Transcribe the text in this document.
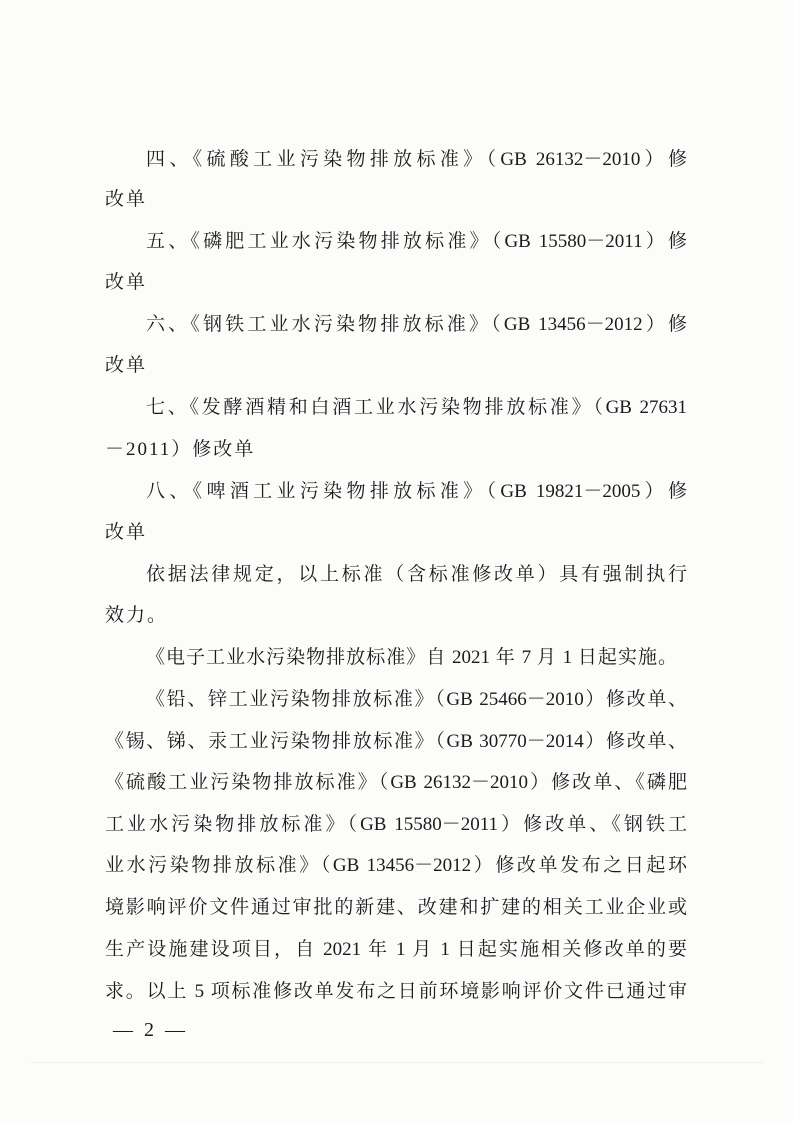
四、《硫酸工业污染物排放标准》（GB 26132－2010）修
改单
五、《磷肥工业水污染物排放标准》（GB 15580－2011）修
改单
六、《钢铁工业水污染物排放标准》（GB 13456－2012）修
改单
七、《发酵酒精和白酒工业水污染物排放标准》（GB 27631
－2011）修改单
八、《啤酒工业污染物排放标准》（GB 19821－2005）修
改单
依据法律规定，以上标准（含标准修改单）具有强制执行
效力。
《电子工业水污染物排放标准》自 2021 年 7 月 1 日起实施。
《铅、锌工业污染物排放标准》（GB 25466－2010）修改单、
《锡、锑、汞工业污染物排放标准》（GB 30770－2014）修改单、
《硫酸工业污染物排放标准》（GB 26132－2010）修改单、《磷肥
工业水污染物排放标准》（GB 15580－2011）修改单、《钢铁工
业水污染物排放标准》（GB 13456－2012）修改单发布之日起环
境影响评价文件通过审批的新建、改建和扩建的相关工业企业或
生产设施建设项目，自 2021 年 1 月 1 日起实施相关修改单的要
求。以上 5 项标准修改单发布之日前环境影响评价文件已通过审
— 2 —
